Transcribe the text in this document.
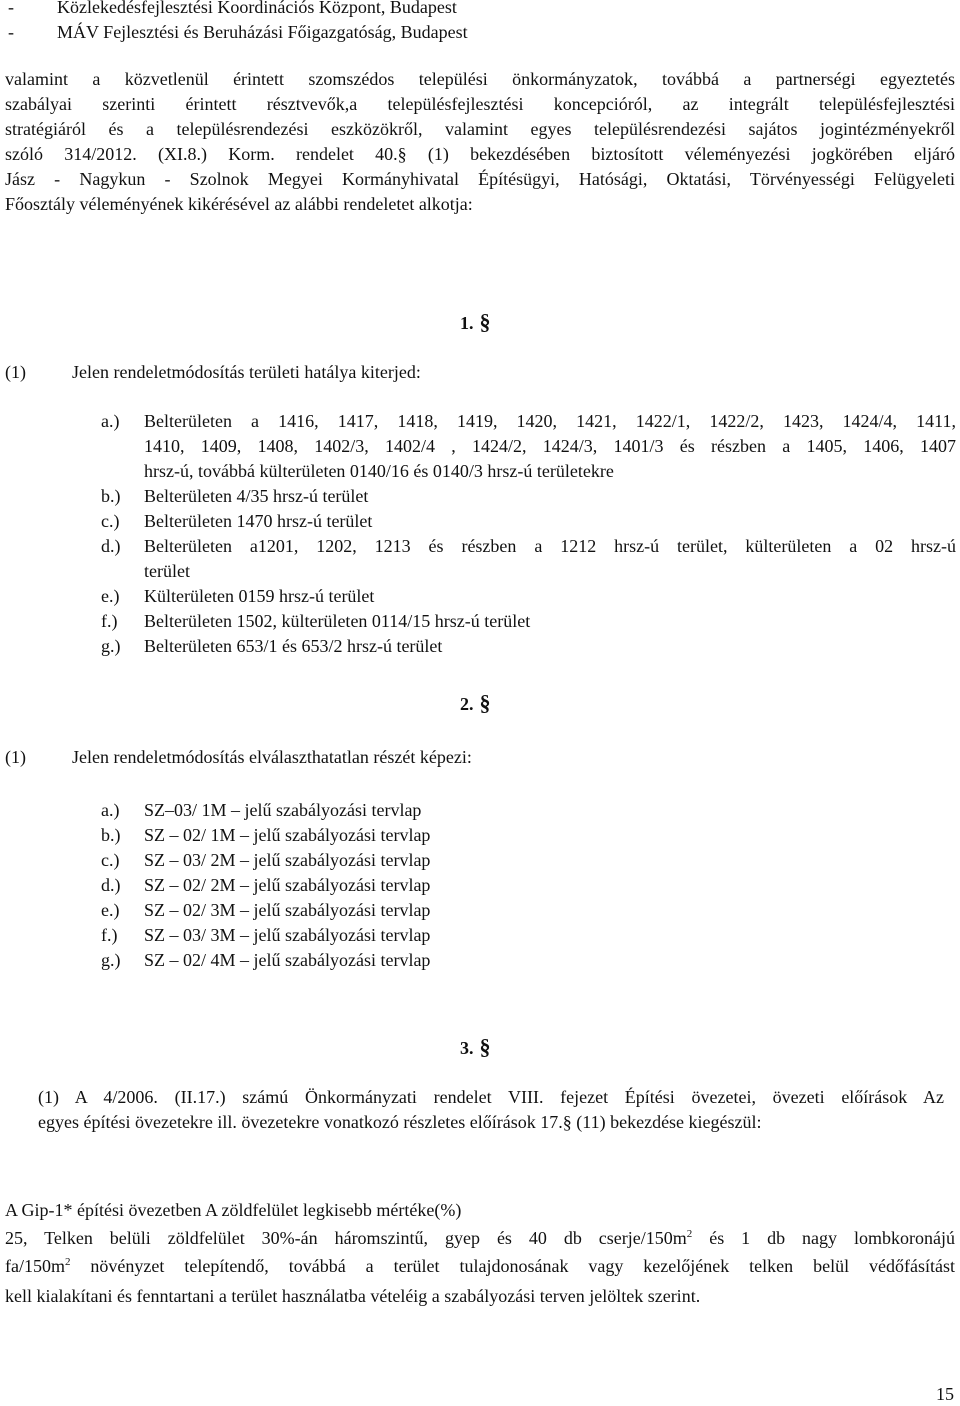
- Közlekedésfejlesztési Koordinációs Központ, Budapest
- MÁV Fejlesztési és Beruházási Főigazgatóság, Budapest
valamint a közvetlenül érintett szomszédos települési önkormányzatok, továbbá a partnerségi egyeztetés
szabályai szerinti érintett résztvevők,a településfejlesztési koncepcióról, az integrált településfejlesztési
stratégiáról és a településrendezési eszközökről, valamint egyes településrendezési sajátos jogintézményekről
szóló 314/2012. (XI.8.) Korm. rendelet 40.§ (1) bekezdésében biztosított véleményezési jogkörében eljáró
Jász - Nagykun - Szolnok Megyei Kormányhivatal Építésügyi, Hatósági, Oktatási, Törvényességi Felügyeleti
Főosztály véleményének kikérésével az alábbi rendeletet alkotja:
1. §
(1)	Jelen rendeletmódosítás területi hatálya kiterjed:
a.) Belterületen a 1416, 1417, 1418, 1419, 1420, 1421, 1422/1, 1422/2, 1423, 1424/4, 1411,
1410, 1409, 1408, 1402/3, 1402/4 , 1424/2, 1424/3, 1401/3 és részben a 1405, 1406, 1407
hrsz-ú, továbbá külterületen 0140/16 és 0140/3 hrsz-ú területekre
b.) Belterületen 4/35 hrsz-ú terület
c.) Belterületen 1470 hrsz-ú terület
d.) Belterületen a1201, 1202, 1213 és részben a 1212 hrsz-ú terület, külterületen a 02 hrsz-ú
terület
e.) Külterületen 0159 hrsz-ú terület
f.) Belterületen 1502, külterületen 0114/15 hrsz-ú terület
g.) Belterületen 653/1 és 653/2 hrsz-ú terület
2. §
(1)	Jelen rendeletmódosítás elválaszthatatlan részét képezi:
a.) SZ–03/ 1M – jelű szabályozási tervlap
b.) SZ – 02/ 1M – jelű szabályozási tervlap
c.) SZ – 03/ 2M – jelű szabályozási tervlap
d.) SZ – 02/ 2M – jelű szabályozási tervlap
e.) SZ – 02/ 3M – jelű szabályozási tervlap
f.) SZ – 03/ 3M – jelű szabályozási tervlap
g.) SZ – 02/ 4M – jelű szabályozási tervlap
3. §
(1) A 4/2006. (II.17.) számú Önkormányzati rendelet VIII. fejezet Építési övezetei, övezeti előírások Az
egyes építési övezetekre ill. övezetekre vonatkozó részletes előírások 17.§ (11) bekezdése kiegészül:
A Gip-1* építési övezetben A zöldfelület legkisebb mértéke(%)
25, Telken belüli zöldfelület 30%-án háromszintű, gyep és 40 db cserje/$150m^2$ és 1 db nagy lombkoronájú
$fa/150m^2$ növényzet telepítendő, továbbá a terület tulajdonosának vagy kezelőjének telken belül védőfásítást
kell kialakítani és fenntartani a terület használatba vételéig a szabályozási terven jelöltek szerint.
15
